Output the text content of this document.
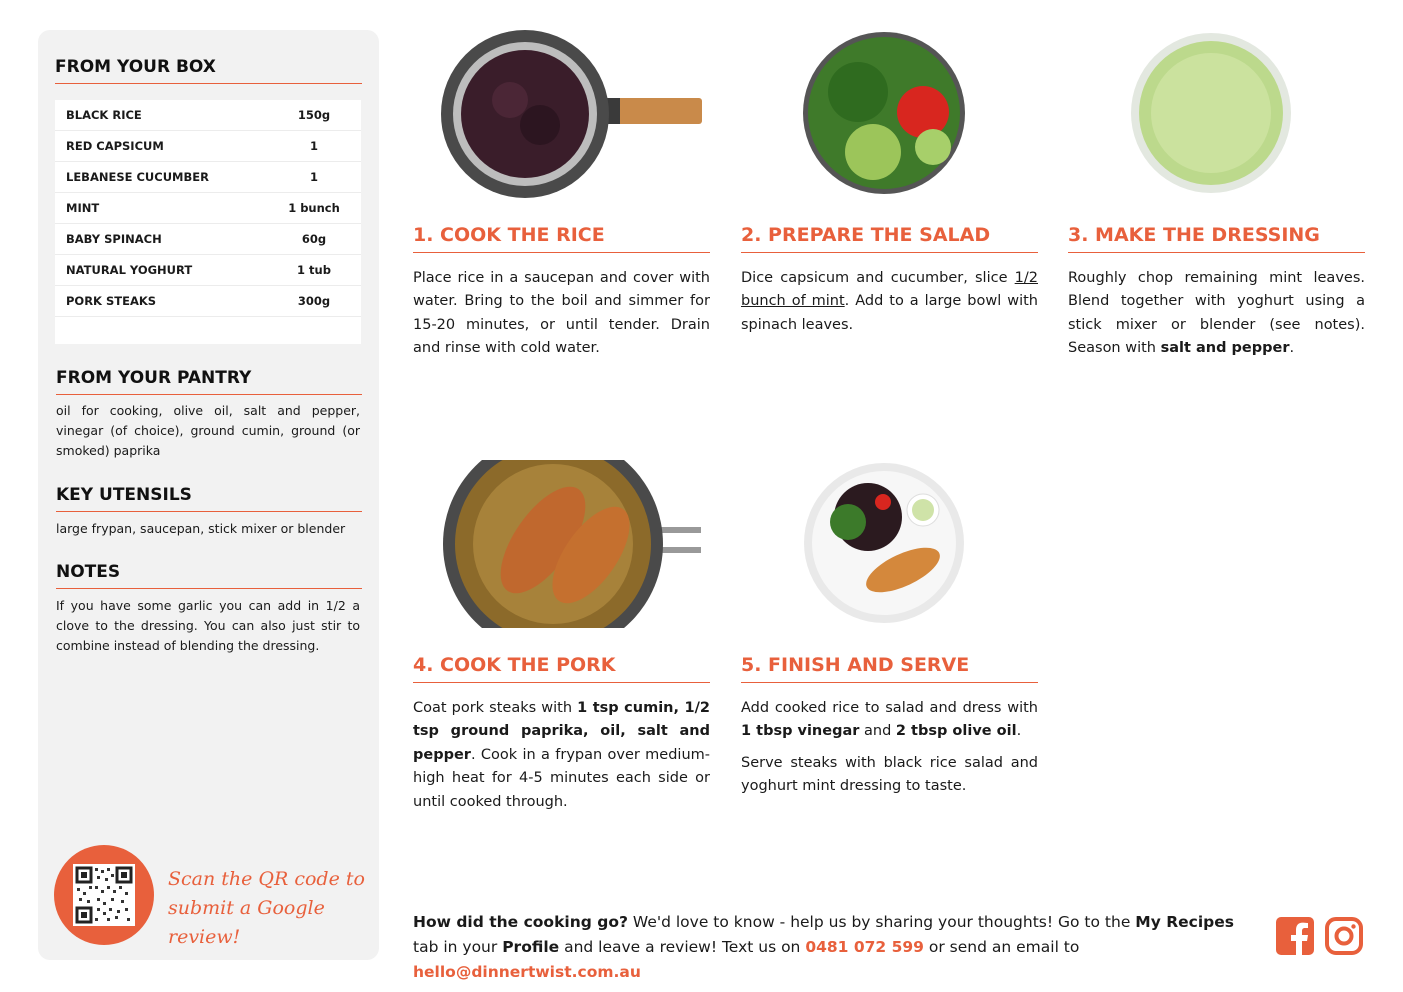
FROM YOUR BOX
BLACK RICE	150g
RED CAPSICUM	1
LEBANESE CUCUMBER	1
MINT	1 bunch
BABY SPINACH	60g
NATURAL YOGHURT	1 tub
PORK STEAKS	300g
FROM YOUR PANTRY
oil for cooking, olive oil, salt and pepper, vinegar (of choice), ground cumin, ground (or smoked) paprika
KEY UTENSILS
large frypan, saucepan, stick mixer or blender
NOTES
If you have some garlic you can add in 1/2 a clove to the dressing. You can also just stir to combine instead of blending the dressing.
Scan the QR code to
submit a Google review!
1. COOK THE RICE

Place rice in a saucepan and cover with water. Bring to the boil and simmer for 15-20 minutes, or until tender. Drain and rinse with cold water.

2. PREPARE THE SALAD

Dice capsicum and cucumber, slice 1/2 bunch of mint. Add to a large bowl with spinach leaves.

3. MAKE THE DRESSING

Roughly chop remaining mint leaves. Blend together with yoghurt using a stick mixer or blender (see notes). Season with salt and pepper.

4. COOK THE PORK

Coat pork steaks with 1 tsp cumin, 1/2 tsp ground paprika, oil, salt and pepper. Cook in a frypan over medium-high heat for 4-5 minutes each side or until cooked through.

5. FINISH AND SERVE

Add cooked rice to salad and dress with 1 tbsp vinegar and 2 tbsp olive oil.

Serve steaks with black rice salad and yoghurt mint dressing to taste.

How did the cooking go? We'd love to know - help us by sharing your thoughts! Go to the My Recipes tab in your Profile and leave a review! Text us on 0481 072 599 or send an email to hello@dinnertwist.com.au
